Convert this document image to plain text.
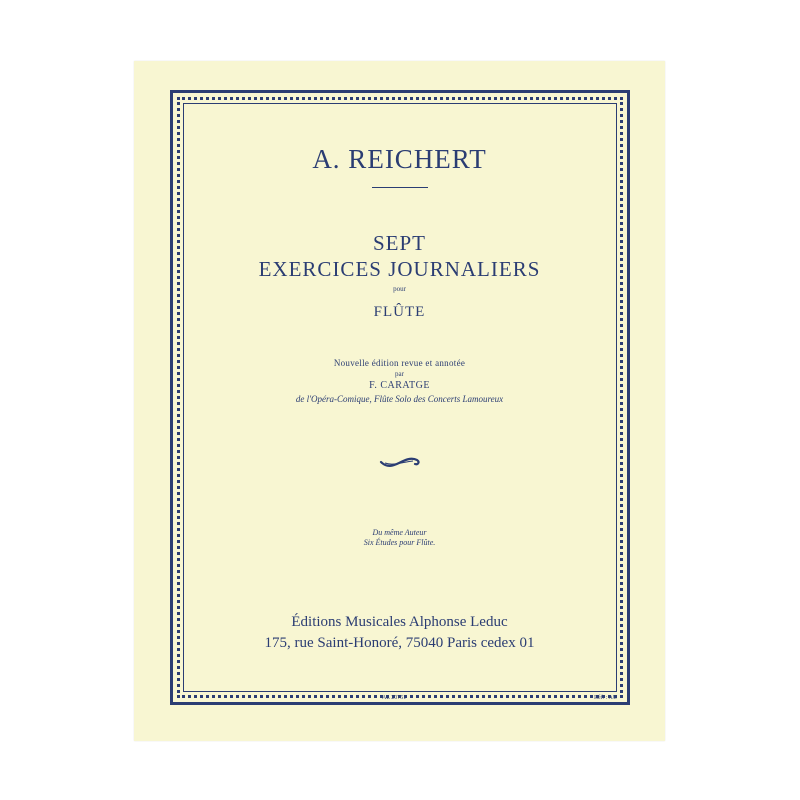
A. REICHERT
SEPT
EXERCICES JOURNALIERS
pour
FLÛTE
Nouvelle édition revue et annotée
par
F. CARATGE
de l'Opéra-Comique, Flûte Solo des Concerts Lamoureux
Du même Auteur
Six Études pour Flûte.
Éditions Musicales Alphonse Leduc
175, rue Saint-Honoré, 75040 Paris cedex 01
AL 20751	Réf. : AU
